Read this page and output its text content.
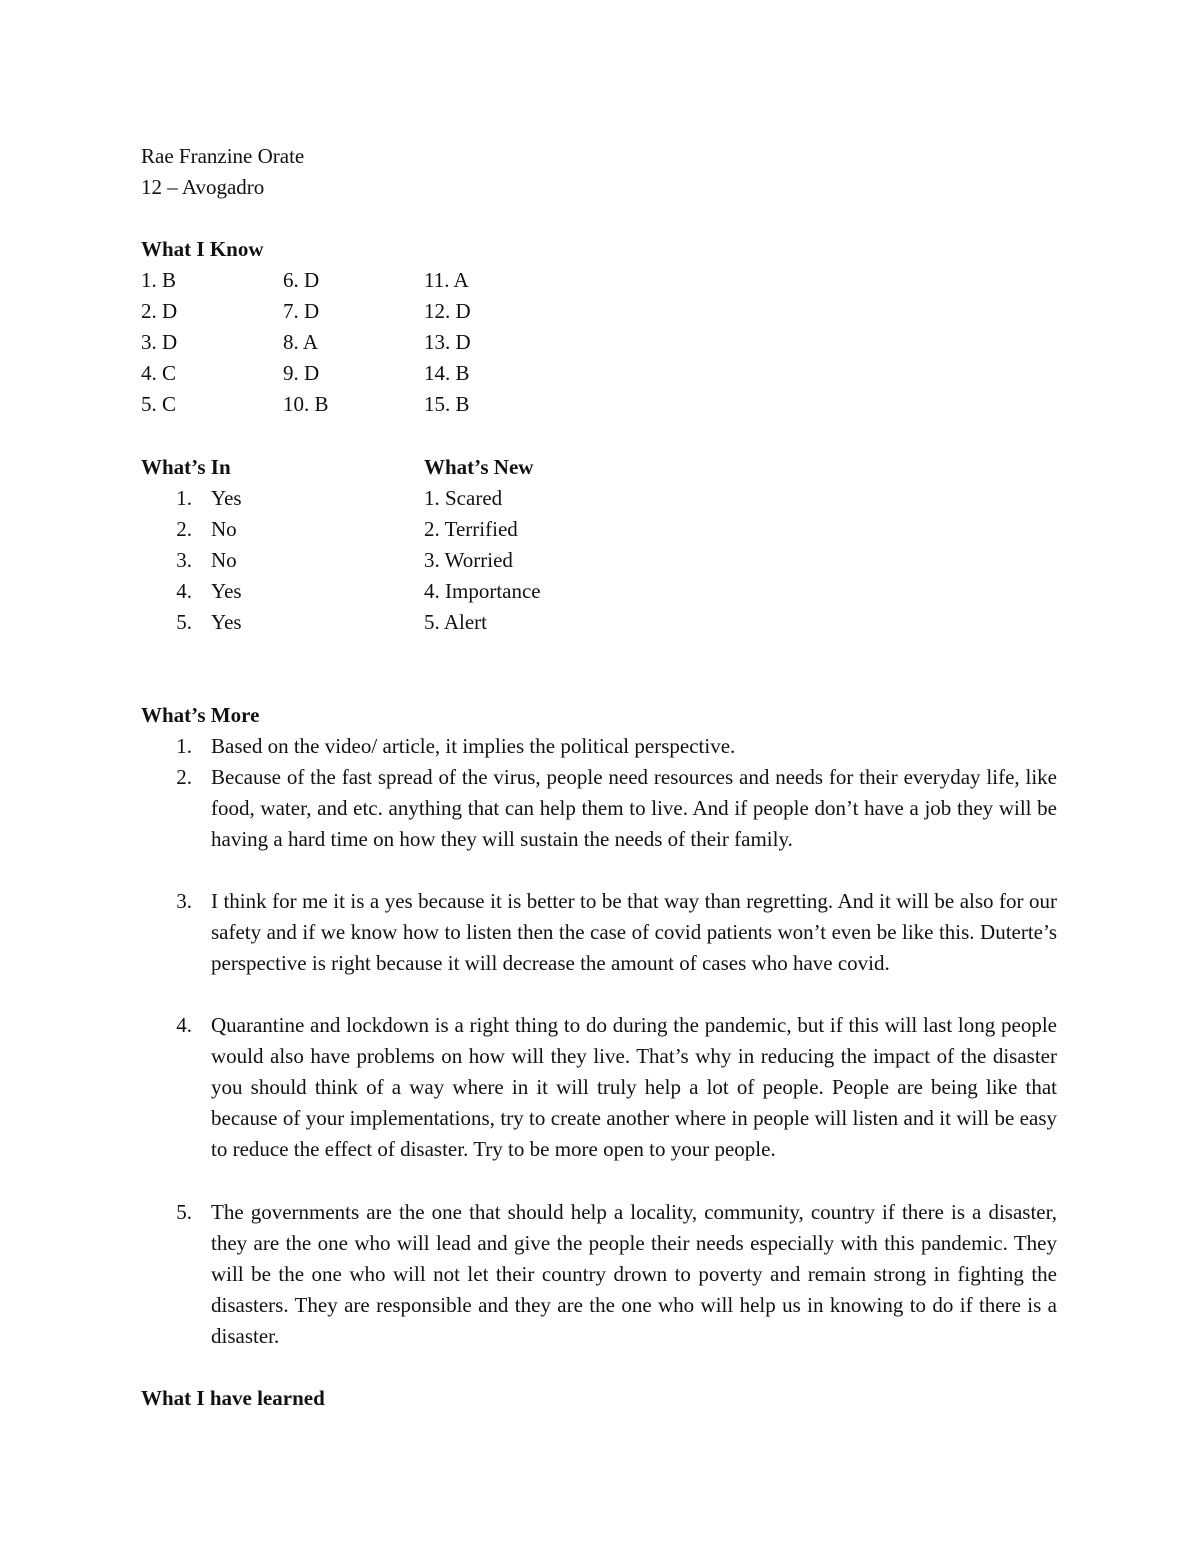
Rae Franzine Orate
12 – Avogadro
What I Know
1. B
2. D
3. D
4. C
5. C
6. D
7. D
8. A
9. D
10. B
11. A
12. D
13. D
14. B
15. B
What’s In
1.
2.
3.
4.
5.
Yes
No
No
Yes
Yes
What’s New
1. Scared
2. Terrified
3. Worried
4. Importance
5. Alert
What’s More
1. Based on the video/ article, it implies the political perspective.
2. Because of the fast spread of the virus, people need resources and needs for their everyday life, like food, water, and etc. anything that can help them to live. And if people don’t have a job they will be having a hard time on how they will sustain the needs of their family.
3. I think for me it is a yes because it is better to be that way than regretting. And it will be also for our safety and if we know how to listen then the case of covid patients won’t even be like this. Duterte’s perspective is right because it will decrease the amount of cases who have covid.
4. Quarantine and lockdown is a right thing to do during the pandemic, but if this will last long people would also have problems on how will they live. That’s why in reducing the impact of the disaster you should think of a way where in it will truly help a lot of people. People are being like that because of your implementations, try to create another where in people will listen and it will be easy to reduce the effect of disaster. Try to be more open to your people.
5. The governments are the one that should help a locality, community, country if there is a disaster, they are the one who will lead and give the people their needs especially with this pandemic. They will be the one who will not let their country drown to poverty and remain strong in fighting the disasters. They are responsible and they are the one who will help us in knowing to do if there is a disaster.
What I have learned
